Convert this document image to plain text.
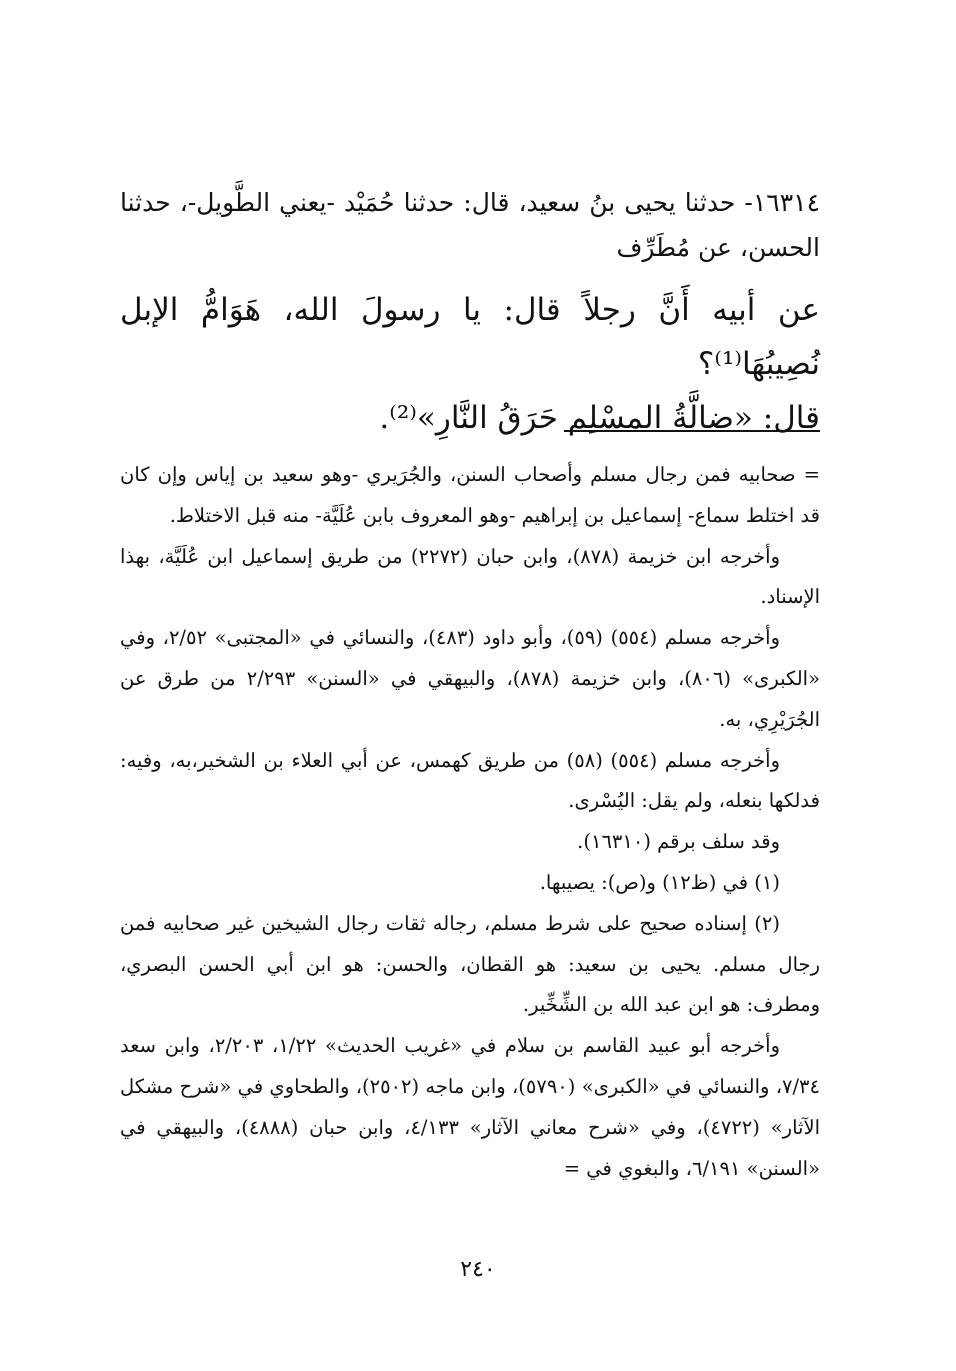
١٦٣١٤- حدثنا يحيى بنُ سعيد، قال: حدثنا حُمَيْد -يعني الطَّويل-، حدثنا الحسن، عن مُطَرِّف
عن أبيه أَنَّ رجلاً قال: يا رسولَ الله، هَوَامُّ الإبل نُصِيبُهَا⁽¹⁾؟
قال: «ضالَّةُ المسْلِم حَرَقُ النَّارِ»⁽²⁾.

= صحابيه فمن رجال مسلم وأصحاب السنن، والجُرَيري -وهو سعيد بن إياس وإن كان قد اختلط سماع- إسماعيل بن إبراهيم -وهو المعروف بابن عُلَيَّة- منه قبل الاختلاط.

وأخرجه ابن خزيمة (٨٧٨)، وابن حبان (٢٢٧٢) من طريق إسماعيل ابن عُلَيَّة، بهذا الإسناد.

وأخرجه مسلم (٥٥٤) (٥٩)، وأبو داود (٤٨٣)، والنسائي في «المجتبى» ٢/٥٢، وفي «الكبرى» (٨٠٦)، وابن خزيمة (٨٧٨)، والبيهقي في «السنن» ٢/٢٩٣ من طرق عن الجُرَيْرِي، به.

وأخرجه مسلم (٥٥٤) (٥٨) من طريق كهمس، عن أبي العلاء بن الشخير،به، وفيه: فدلكها بنعله، ولم يقل: اليُسْرى.

وقد سلف برقم (١٦٣١٠).

(١) في (ظ١٢) و(ص): يصيبها.

(٢) إسناده صحيح على شرط مسلم، رجاله ثقات رجال الشيخين غير صحابيه فمن رجال مسلم. يحيى بن سعيد: هو القطان، والحسن: هو ابن أبي الحسن البصري، ومطرف: هو ابن عبد الله بن الشِّخِّير.

وأخرجه أبو عبيد القاسم بن سلام في «غريب الحديث» ١/٢٢، ٢/٢٠٣، وابن سعد ٧/٣٤، والنسائي في «الكبرى» (٥٧٩٠)، وابن ماجه (٢٥٠٢)، والطحاوي في «شرح مشكل الآثار» (٤٧٢٢)، وفي «شرح معاني الآثار» ٤/١٣٣، وابن حبان (٤٨٨٨)، والبيهقي في «السنن» ٦/١٩١، والبغوي في =

٢٤٠
